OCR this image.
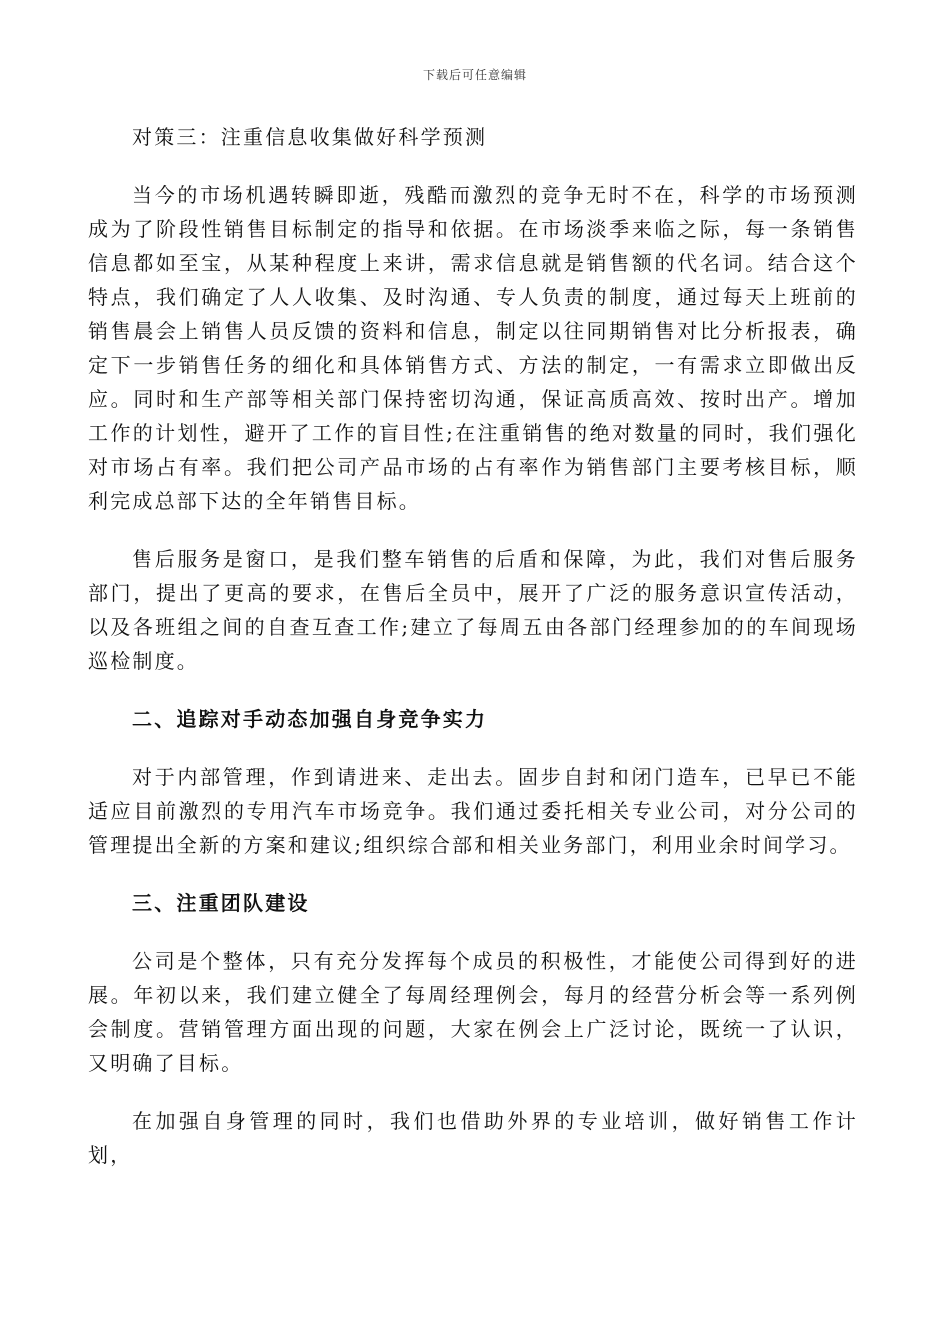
下载后可任意编辑

对策三：注重信息收集做好科学预测

当今的市场机遇转瞬即逝，残酷而激烈的竞争无时不在，科学的市场预测成为了阶段性销售目标制定的指导和依据。在市场淡季来临之际，每一条销售信息都如至宝，从某种程度上来讲，需求信息就是销售额的代名词。结合这个特点，我们确定了人人收集、及时沟通、专人负责的制度，通过每天上班前的销售晨会上销售人员反馈的资料和信息，制定以往同期销售对比分析报表，确定下一步销售任务的细化和具体销售方式、方法的制定，一有需求立即做出反应。同时和生产部等相关部门保持密切沟通，保证高质高效、按时出产。增加工作的计划性，避开了工作的盲目性;在注重销售的绝对数量的同时，我们强化对市场占有率。我们把公司产品市场的占有率作为销售部门主要考核目标，顺利完成总部下达的全年销售目标。

售后服务是窗口，是我们整车销售的后盾和保障，为此，我们对售后服务部门，提出了更高的要求，在售后全员中，展开了广泛的服务意识宣传活动，以及各班组之间的自查互查工作;建立了每周五由各部门经理参加的的车间现场巡检制度。

二、追踪对手动态加强自身竞争实力

对于内部管理，作到请进来、走出去。固步自封和闭门造车，已早已不能适应目前激烈的专用汽车市场竞争。我们通过委托相关专业公司，对分公司的管理提出全新的方案和建议;组织综合部和相关业务部门，利用业余时间学习。

三、注重团队建设

公司是个整体，只有充分发挥每个成员的积极性，才能使公司得到好的进展。年初以来，我们建立健全了每周经理例会，每月的经营分析会等一系列例会制度。营销管理方面出现的问题，大家在例会上广泛讨论，既统一了认识，又明确了目标。

在加强自身管理的同时，我们也借助外界的专业培训，做好销售工作计划，
